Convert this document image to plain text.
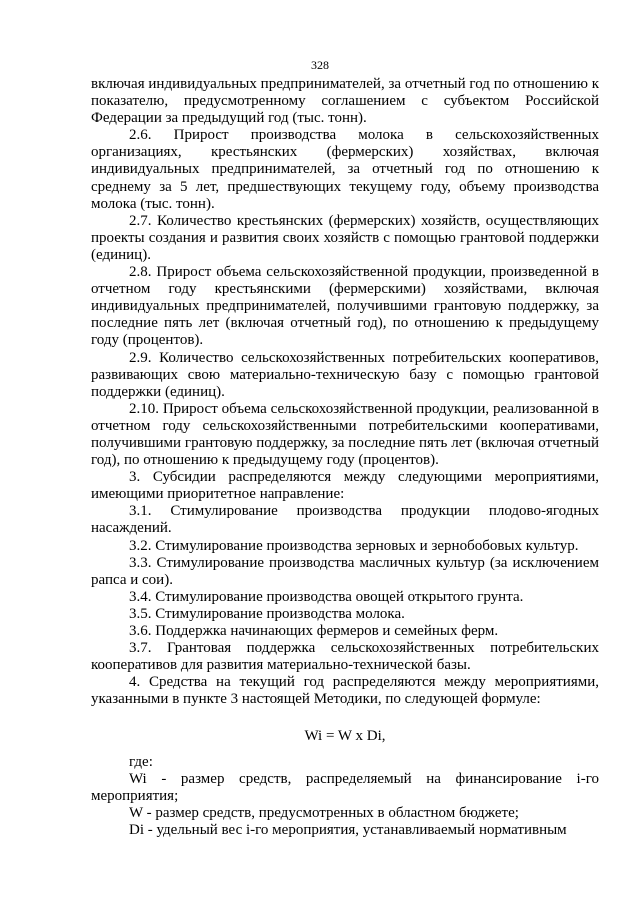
328

включая индивидуальных предпринимателей, за отчетный год по отношению к показателю, предусмотренному соглашением с субъектом Российской Федерации за предыдущий год (тыс. тонн).

2.6. Прирост производства молока в сельскохозяйственных организациях, крестьянских (фермерских) хозяйствах, включая индивидуальных предпринимателей, за отчетный год по отношению к среднему за 5 лет, предшествующих текущему году, объему производства молока (тыс. тонн).

2.7. Количество крестьянских (фермерских) хозяйств, осуществляющих проекты создания и развития своих хозяйств с помощью грантовой поддержки (единиц).

2.8. Прирост объема сельскохозяйственной продукции, произведенной в отчетном году крестьянскими (фермерскими) хозяйствами, включая индивидуальных предпринимателей, получившими грантовую поддержку, за последние пять лет (включая отчетный год), по отношению к предыдущему году (процентов).

2.9. Количество сельскохозяйственных потребительских кооперативов, развивающих свою материально-техническую базу с помощью грантовой поддержки (единиц).

2.10. Прирост объема сельскохозяйственной продукции, реализованной в отчетном году сельскохозяйственными потребительскими кооперативами, получившими грантовую поддержку, за последние пять лет (включая отчетный год), по отношению к предыдущему году (процентов).

3. Субсидии распределяются между следующими мероприятиями, имеющими приоритетное направление:

3.1. Стимулирование производства продукции плодово-ягодных насаждений.

3.2. Стимулирование производства зерновых и зернобобовых культур.

3.3. Стимулирование производства масличных культур (за исключением рапса и сои).

3.4. Стимулирование производства овощей открытого грунта.

3.5. Стимулирование производства молока.

3.6. Поддержка начинающих фермеров и семейных ферм.

3.7. Грантовая поддержка сельскохозяйственных потребительских кооперативов для развития материально-технической базы.

4. Средства на текущий год распределяются между мероприятиями, указанными в пункте 3 настоящей Методики, по следующей формуле:

Wi = W x Di,

где:

Wi - размер средств, распределяемый на финансирование i-го мероприятия;

W - размер средств, предусмотренных в областном бюджете;

Di - удельный вес i-го мероприятия, устанавливаемый нормативным
